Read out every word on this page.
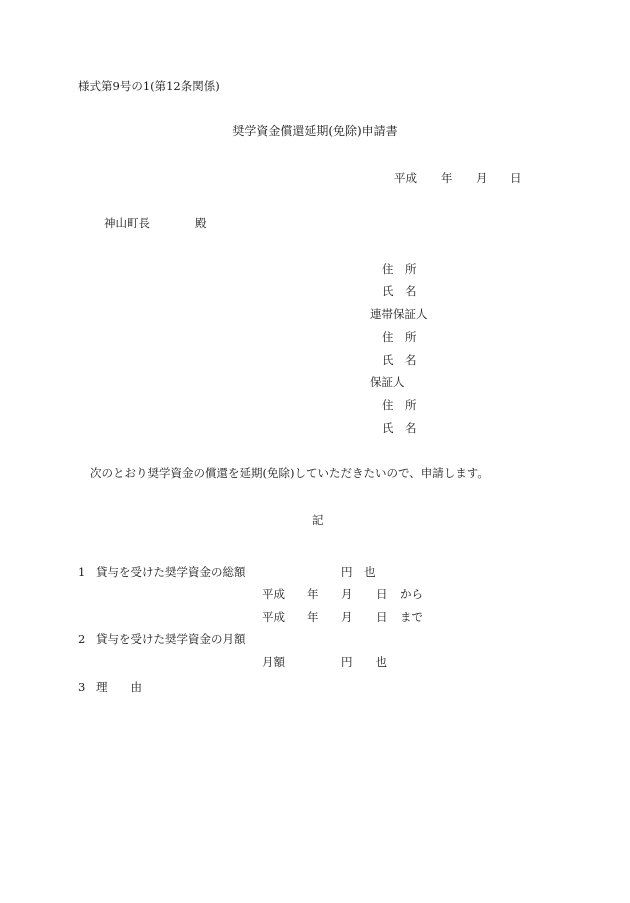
様式第9号の1(第12条関係)
奨学資金償還延期(免除)申請書
平成 年 月 日
神山町長	殿
住　所
氏　名
連帯保証人
住　所
氏　名
保証人
住　所
氏　名
次のとおり奨学資金の償還を延期(免除)していただきたいので、申請します。
記
1 貸与を受けた奨学資金の総額	円　也
平成 年 月 日 から
平成 年 月 日 まで
2 貸与を受けた奨学資金の月額
月額	円　　也
3 理　　由
